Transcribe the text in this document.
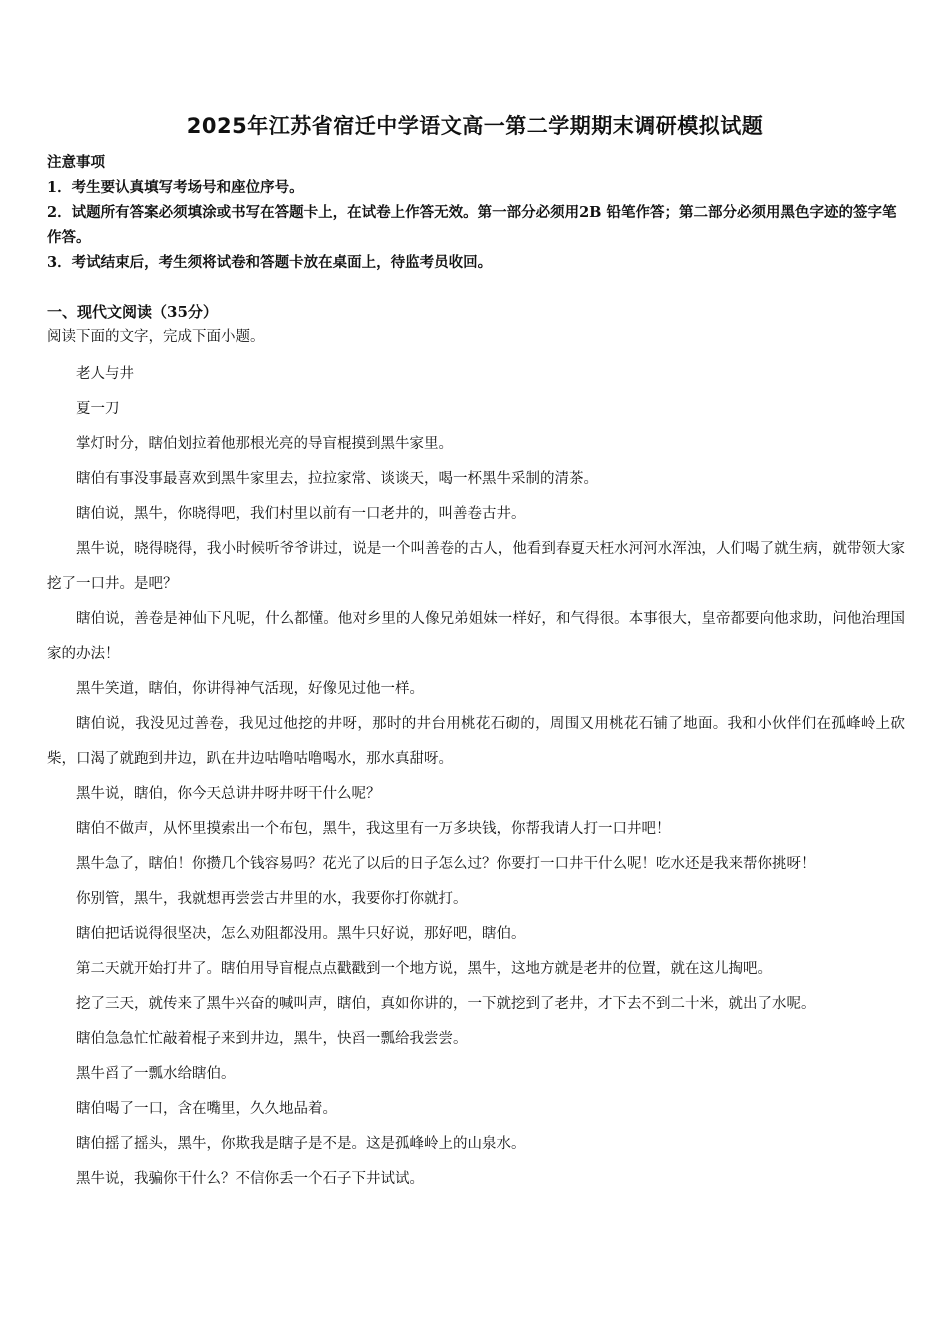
2025年江苏省宿迁中学语文高一第二学期期末调研模拟试题

注意事项

1．考生要认真填写考场号和座位序号。

2．试题所有答案必须填涂或书写在答题卡上，在试卷上作答无效。第一部分必须用2B 铅笔作答；第二部分必须用黑色字迹的签字笔作答。

3．考试结束后，考生须将试卷和答题卡放在桌面上，待监考员收回。

一、现代文阅读（35分）
阅读下面的文字，完成下面小题。

老人与井

夏一刀

掌灯时分，瞎伯划拉着他那根光亮的导盲棍摸到黑牛家里。

瞎伯有事没事最喜欢到黑牛家里去，拉拉家常、谈谈天，喝一杯黑牛采制的清茶。

瞎伯说，黑牛，你晓得吧，我们村里以前有一口老井的，叫善卷古井。

黑牛说，晓得晓得，我小时候听爷爷讲过，说是一个叫善卷的古人，他看到春夏天枉水河河水浑浊，人们喝了就生病，就带领大家挖了一口井。是吧？

瞎伯说，善卷是神仙下凡呢，什么都懂。他对乡里的人像兄弟姐妹一样好，和气得很。本事很大，皇帝都要向他求助，问他治理国家的办法！

黑牛笑道，瞎伯，你讲得神气活现，好像见过他一样。

瞎伯说，我没见过善卷，我见过他挖的井呀，那时的井台用桃花石砌的，周围又用桃花石铺了地面。我和小伙伴们在孤峰岭上砍柴，口渴了就跑到井边，趴在井边咕噜咕噜喝水，那水真甜呀。

黑牛说，瞎伯，你今天总讲井呀井呀干什么呢？

瞎伯不做声，从怀里摸索出一个布包，黑牛，我这里有一万多块钱，你帮我请人打一口井吧！

黑牛急了，瞎伯！你攒几个钱容易吗？花光了以后的日子怎么过？你要打一口井干什么呢！吃水还是我来帮你挑呀！

你别管，黑牛，我就想再尝尝古井里的水，我要你打你就打。

瞎伯把话说得很坚决，怎么劝阻都没用。黑牛只好说，那好吧，瞎伯。

第二天就开始打井了。瞎伯用导盲棍点点戳戳到一个地方说，黑牛，这地方就是老井的位置，就在这儿掏吧。

挖了三天，就传来了黑牛兴奋的喊叫声，瞎伯，真如你讲的，一下就挖到了老井，才下去不到二十米，就出了水呢。

瞎伯急急忙忙敲着棍子来到井边，黑牛，快舀一瓢给我尝尝。

黑牛舀了一瓢水给瞎伯。

瞎伯喝了一口，含在嘴里，久久地品着。

瞎伯摇了摇头，黑牛，你欺我是瞎子是不是。这是孤峰岭上的山泉水。

黑牛说，我骗你干什么？不信你丢一个石子下井试试。
